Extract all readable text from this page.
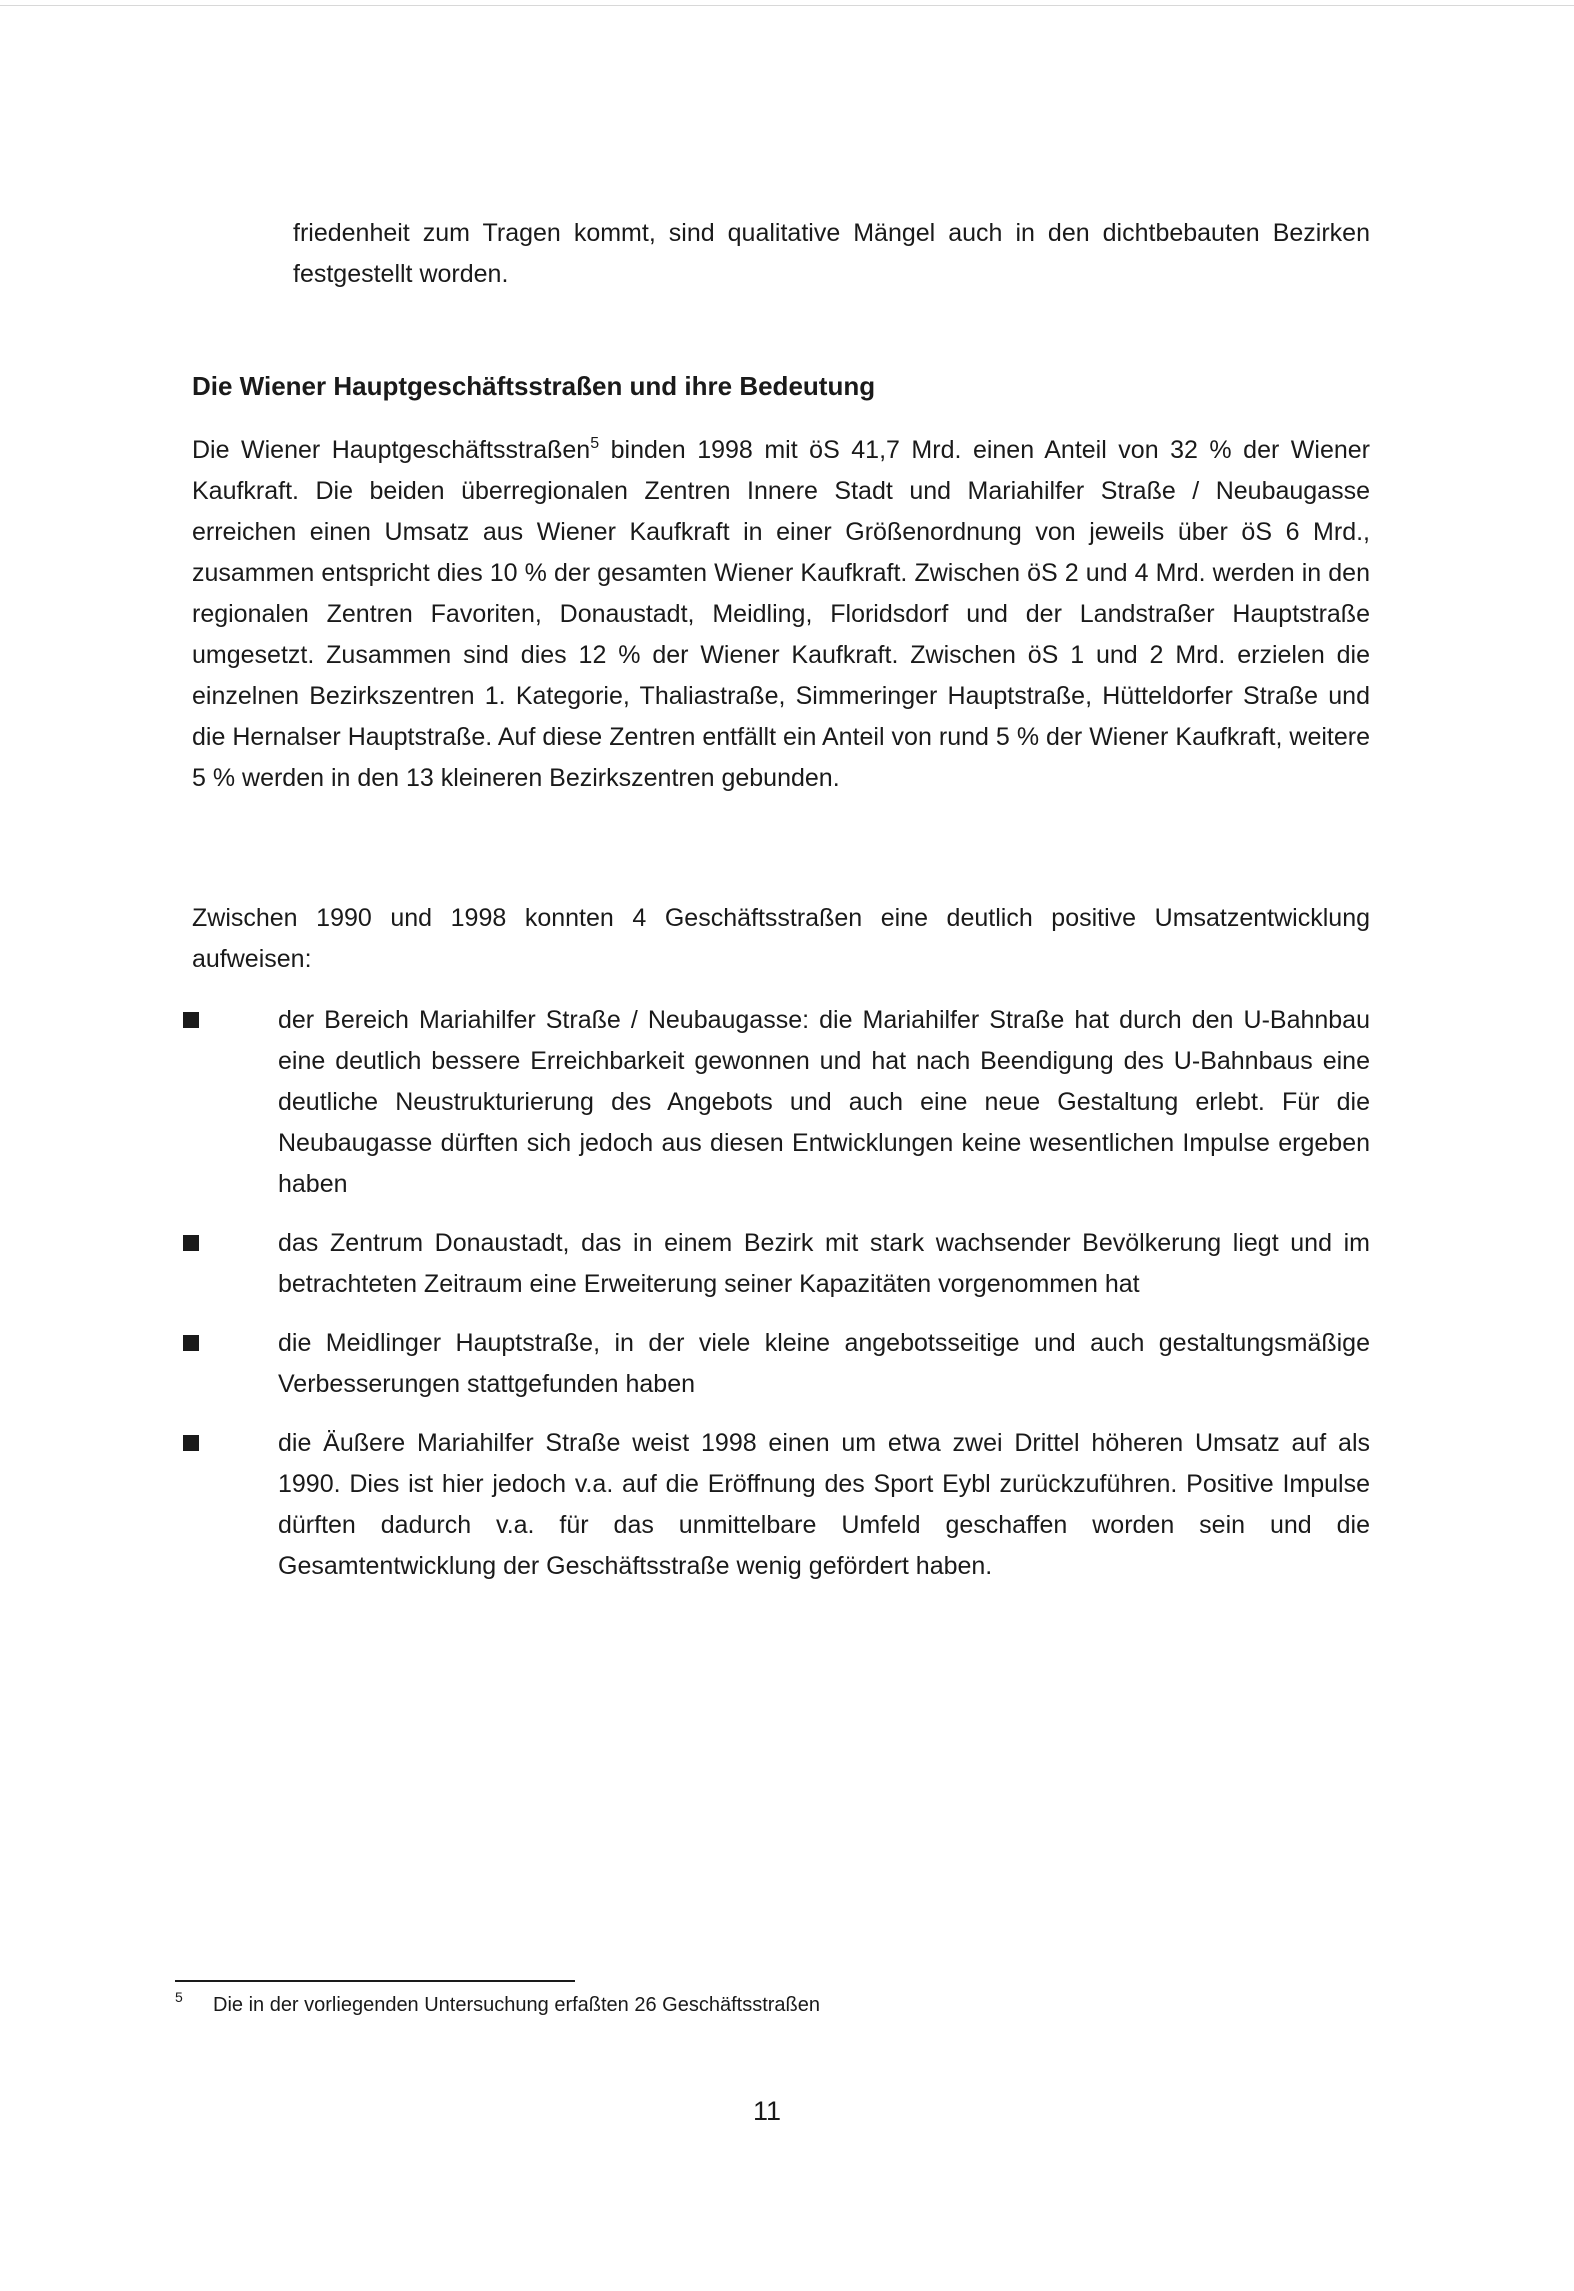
friedenheit zum Tragen kommt, sind qualitative Mängel auch in den dichtbebauten Bezirken festgestellt worden.

Die Wiener Hauptgeschäftsstraßen und ihre Bedeutung

Die Wiener Hauptgeschäftsstraßen$^5$ binden 1998 mit öS 41,7 Mrd. einen Anteil von 32 % der Wiener Kaufkraft. Die beiden überregionalen Zentren Innere Stadt und Mariahilfer Straße / Neubaugasse erreichen einen Umsatz aus Wiener Kaufkraft in einer Größenordnung von jeweils über öS 6 Mrd., zusammen entspricht dies 10 % der gesamten Wiener Kaufkraft. Zwischen öS 2 und 4 Mrd. werden in den regionalen Zentren Favoriten, Donaustadt, Meidling, Floridsdorf und der Landstraßer Hauptstraße umgesetzt. Zusammen sind dies 12 % der Wiener Kaufkraft. Zwischen öS 1 und 2 Mrd. erzielen die einzelnen Bezirkszentren 1. Kategorie, Thaliastraße, Simmeringer Hauptstraße, Hütteldorfer Straße und die Hernalser Hauptstraße. Auf diese Zentren entfällt ein Anteil von rund 5 % der Wiener Kaufkraft, weitere 5 % werden in den 13 kleineren Bezirkszentren gebunden.

Zwischen 1990 und 1998 konnten 4 Geschäftsstraßen eine deutlich positive Umsatzentwicklung aufweisen:

der Bereich Mariahilfer Straße / Neubaugasse: die Mariahilfer Straße hat durch den U-Bahnbau eine deutlich bessere Erreichbarkeit gewonnen und hat nach Beendigung des U-Bahnbaus eine deutliche Neustrukturierung des Angebots und auch eine neue Gestaltung erlebt. Für die Neubaugasse dürften sich jedoch aus diesen Entwicklungen keine wesentlichen Impulse ergeben haben
das Zentrum Donaustadt, das in einem Bezirk mit stark wachsender Bevölkerung liegt und im betrachteten Zeitraum eine Erweiterung seiner Kapazitäten vorgenommen hat
die Meidlinger Hauptstraße, in der viele kleine angebotsseitige und auch gestaltungsmäßige Verbesserungen stattgefunden haben
die Äußere Mariahilfer Straße weist 1998 einen um etwa zwei Drittel höheren Umsatz auf als 1990. Dies ist hier jedoch v.a. auf die Eröffnung des Sport Eybl zurückzuführen. Positive Impulse dürften dadurch v.a. für das unmittelbare Umfeld geschaffen worden sein und die Gesamtentwicklung der Geschäftsstraße wenig gefördert haben.
5 Die in der vorliegenden Untersuchung erfaßten 26 Geschäftsstraßen
11
